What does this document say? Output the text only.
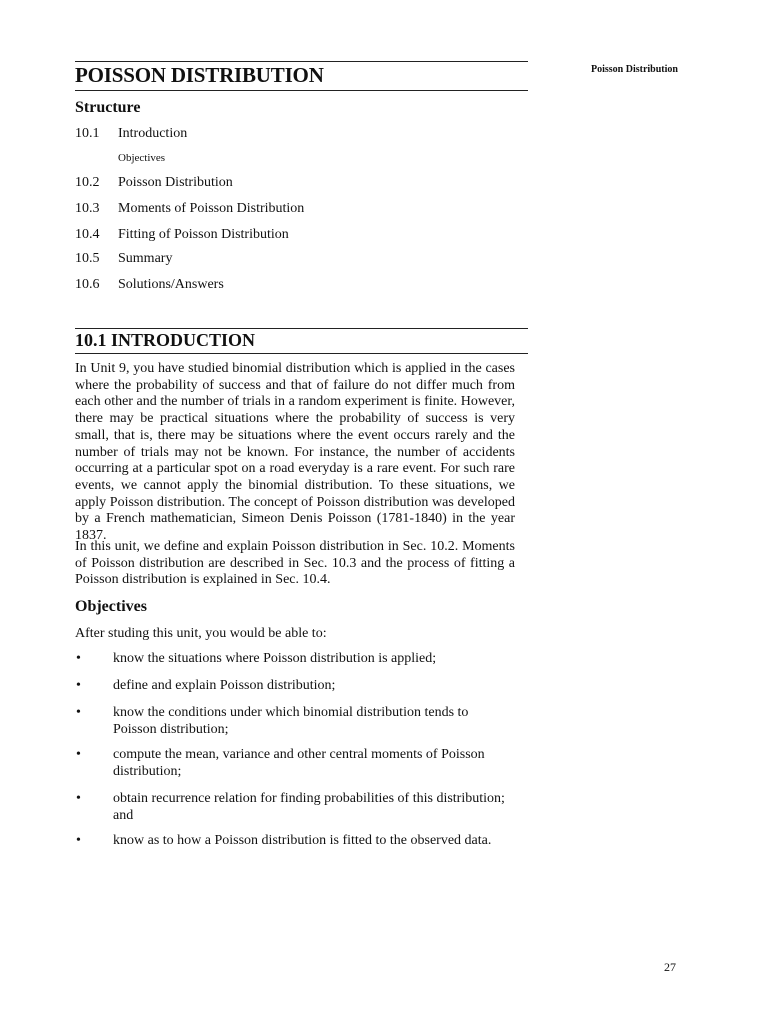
POISSON DISTRIBUTION	Poisson Distribution
Structure
10.1 Introduction
Objectives
10.2 Poisson Distribution
10.3 Moments of Poisson Distribution
10.4 Fitting of Poisson Distribution
10.5 Summary
10.6 Solutions/Answers
10.1 INTRODUCTION
In Unit 9, you have studied binomial distribution which is applied in the cases where the probability of success and that of failure do not differ much from each other and the number of trials in a random experiment is finite. However, there may be practical situations where the probability of success is very small, that is, there may be situations where the event occurs rarely and the number of trials may not be known. For instance, the number of accidents occurring at a particular spot on a road everyday is a rare event. For such rare events, we cannot apply the binomial distribution. To these situations, we apply Poisson distribution. The concept of Poisson distribution was developed by a French mathematician, Simeon Denis Poisson (1781-1840) in the year 1837.
In this unit, we define and explain Poisson distribution in Sec. 10.2. Moments of Poisson distribution are described in Sec. 10.3 and the process of fitting a Poisson distribution is explained in Sec. 10.4.
Objectives
After studing this unit, you would be able to:
• know the situations where Poisson distribution is applied;
• define and explain Poisson distribution;
• know the conditions under which binomial distribution tends to Poisson distribution;
• compute the mean, variance and other central moments of Poisson distribution;
• obtain recurrence relation for finding probabilities of this distribution; and
• know as to how a Poisson distribution is fitted to the observed data.
27
